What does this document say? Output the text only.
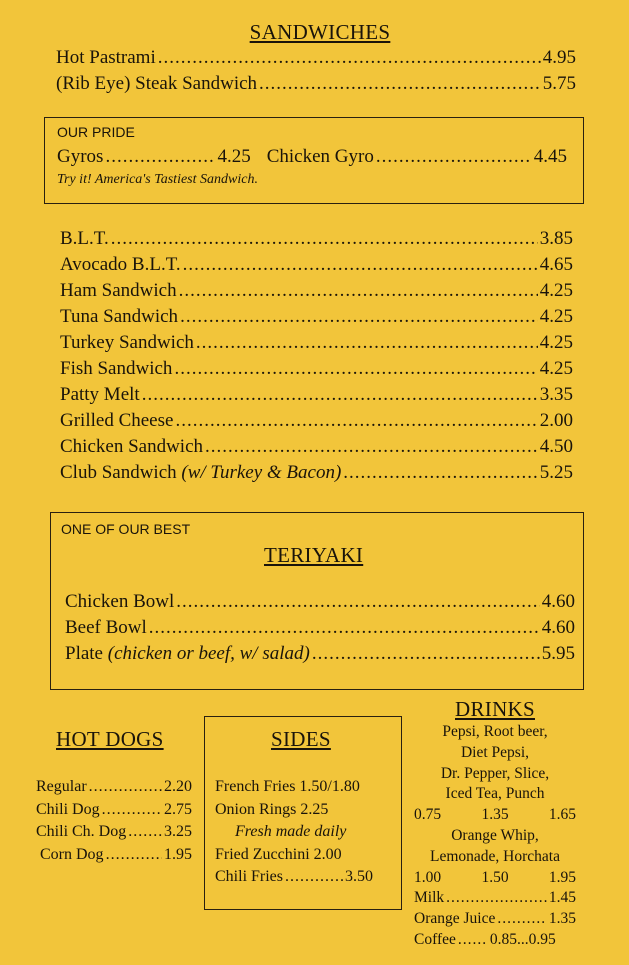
SANDWICHES
Hot Pastrami .....	4.95
(Rib Eye) Steak Sandwich .....	5.75
OUR PRIDE
Gyros .....	4.25 Chicken Gyro .....	4.45
Try it! America's Tastiest Sandwich.
B.L.T. .....	3.85
Avocado B.L.T. .....	4.65
Ham Sandwich .....	4.25
Tuna Sandwich .....	4.25
Turkey Sandwich .....	4.25
Fish Sandwich .....	4.25
Patty Melt .....	3.35
Grilled Cheese .....	2.00
Chicken Sandwich .....	4.50
Club Sandwich
(w/ Turkey & Bacon) .....	5.25
ONE OF OUR BEST
TERIYAKI
Chicken Bowl .....	4.60
Beef Bowl .....	4.60
Plate
(chicken or beef, w/ salad) .....	5.95
HOT DOGS
Regular .....	2.20
Chili Dog .....	2.75
Chili Ch. Dog ..... 3.25
Corn Dog .....	1.95
SIDES
French Fries 1.50/1.80
Onion Rings 2.25
Fresh made daily
Fried Zucchini 2.00
Chili Fries .....	3.50
DRINKS
Pepsi, Root beer,
Diet Pepsi,
Dr. Pepper, Slice,
Iced Tea, Punch
0.75	1.35	1.65
Orange Whip,
Lemonade, Horchata
1.00	1.50	1.95
Milk .....	1.45
Orange Juice .....	1.35
Coffee ..... 0.85...0.95
